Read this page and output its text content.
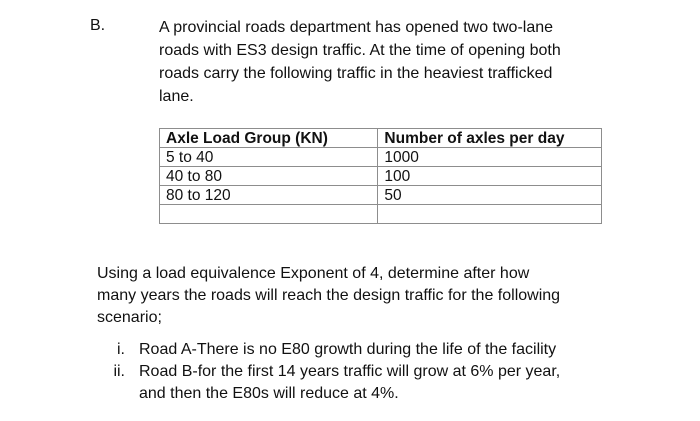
B.	A provincial roads department has opened two two-lane
roads with ES3 design traffic. At the time of opening both
roads carry the following traffic in the heaviest trafficked
lane.
Axle Load Group (KN)	Number of axles per day
5 to 40	1000
40 to 80	100
80 to 120	50

Using a load equivalence Exponent of 4, determine after how
many years the roads will reach the design traffic for the following
scenario;
i. Road A-There is no E80 growth during the life of the facility
ii. Road B-for the first 14 years traffic will grow at 6% per year,
and then the E80s will reduce at 4%.
